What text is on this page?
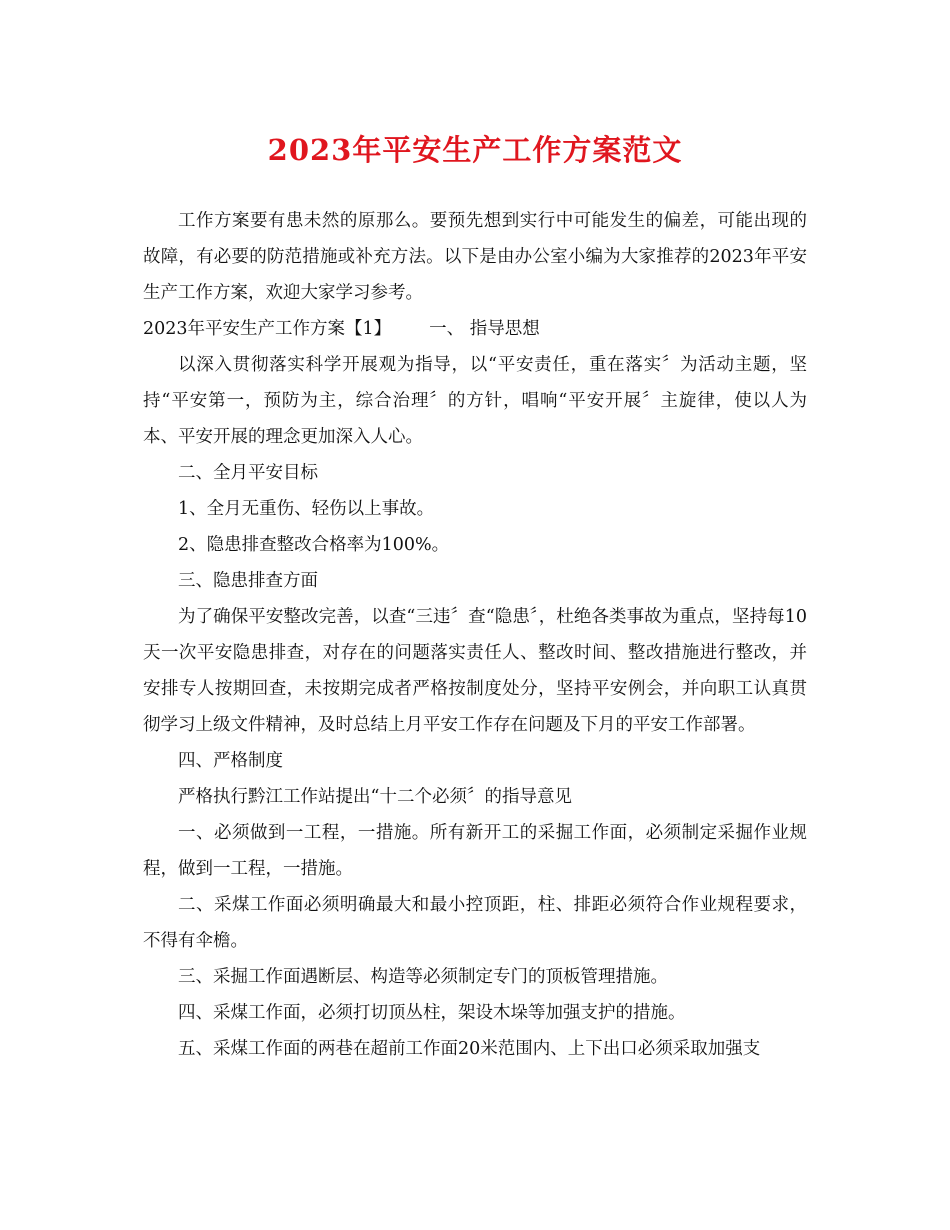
2023年平安生产工作方案范文

工作方案要有患未然的原那么。要预先想到实行中可能发生的偏差，可能出现的故障，有必要的防范措施或补充方法。以下是由办公室小编为大家推荐的2023年平安生产工作方案，欢迎大家学习参考。

2023年平安生产工作方案【1】 一、 指导思想

以深入贯彻落实科学开展观为指导，以“平安责任，重在落实〞为活动主题，坚持“平安第一，预防为主，综合治理〞的方针，唱响“平安开展〞主旋律，使以人为本、平安开展的理念更加深入人心。

二、全月平安目标

1、全月无重伤、轻伤以上事故。

2、隐患排查整改合格率为100%。

三、隐患排查方面

为了确保平安整改完善，以查“三违〞查“隐患〞，杜绝各类事故为重点，坚持每10天一次平安隐患排查，对存在的问题落实责任人、整改时间、整改措施进行整改，并安排专人按期回查，未按期完成者严格按制度处分，坚持平安例会，并向职工认真贯彻学习上级文件精神，及时总结上月平安工作存在问题及下月的平安工作部署。

四、严格制度

严格执行黔江工作站提出“十二个必须〞的指导意见

一、必须做到一工程，一措施。所有新开工的采掘工作面，必须制定采掘作业规程，做到一工程，一措施。

二、采煤工作面必须明确最大和最小控顶距，柱、排距必须符合作业规程要求，不得有伞檐。

三、采掘工作面遇断层、构造等必须制定专门的顶板管理措施。

四、采煤工作面，必须打切顶丛柱，架设木垛等加强支护的措施。

五、采煤工作面的两巷在超前工作面20米范围内、上下出口必须采取加强支
